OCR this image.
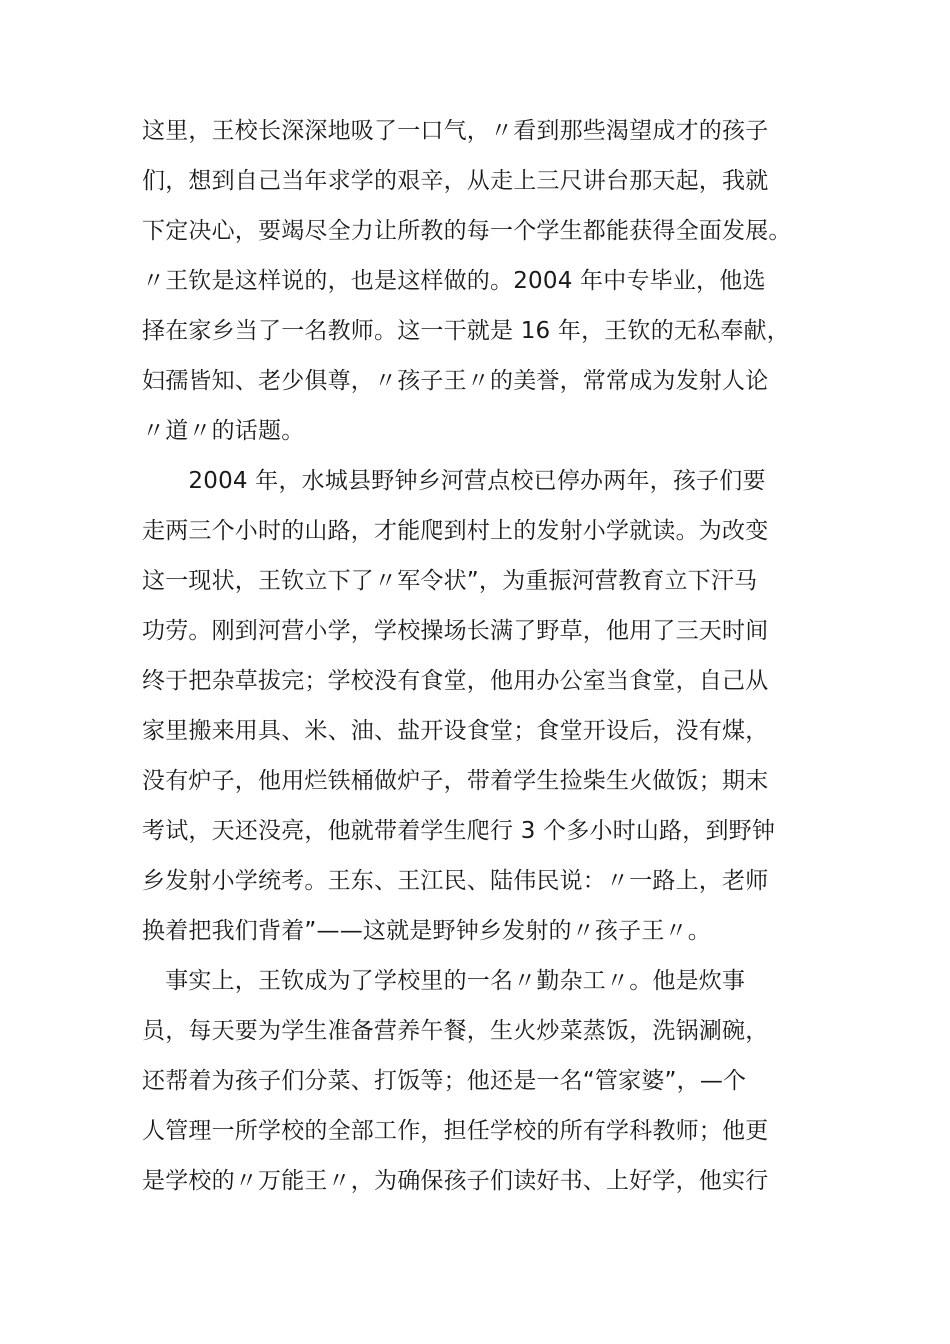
这里，王校长深深地吸了一口气，〃看到那些渴望成才的孩子
们，想到自己当年求学的艰辛，从走上三尺讲台那天起，我就
下定决心，要竭尽全力让所教的每一个学生都能获得全面发展。
〃王钦是这样说的，也是这样做的。2004 年中专毕业，他选
择在家乡当了一名教师。这一干就是 16 年，王钦的无私奉献，
妇孺皆知、老少俱尊，〃孩子王〃的美誉，常常成为发射人论
〃道〃的话题。
　　2004 年，水城县野钟乡河营点校已停办两年，孩子们要
走两三个小时的山路，才能爬到村上的发射小学就读。为改变
这一现状，王钦立下了〃军令状”，为重振河营教育立下汗马
功劳。刚到河营小学，学校操场长满了野草，他用了三天时间
终于把杂草拔完；学校没有食堂，他用办公室当食堂，自己从
家里搬来用具、米、油、盐开设食堂；食堂开设后，没有煤，
没有炉子，他用烂铁桶做炉子，带着学生捡柴生火做饭；期末
考试，天还没亮，他就带着学生爬行 3 个多小时山路，到野钟
乡发射小学统考。王东、王江民、陆伟民说：〃一路上，老师
换着把我们背着”——这就是野钟乡发射的〃孩子王〃。
　事实上，王钦成为了学校里的一名〃勤杂工〃。他是炊事
员，每天要为学生准备营养午餐，生火炒菜蒸饭，洗锅涮碗，
还帮着为孩子们分菜、打饭等；他还是一名“管家婆”，—个
人管理一所学校的全部工作，担任学校的所有学科教师；他更
是学校的〃万能王〃，为确保孩子们读好书、上好学，他实行
